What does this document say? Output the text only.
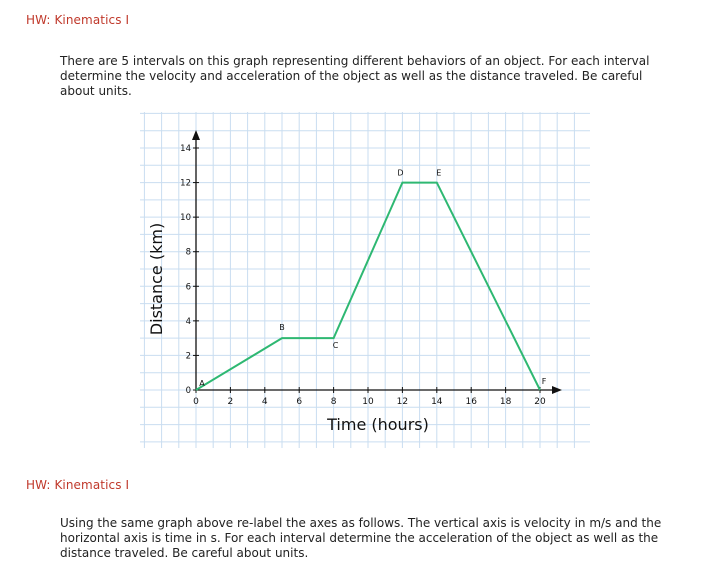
HW: Kinematics I
There are 5 intervals on this graph representing different behaviors of an object. For each interval determine the velocity and acceleration of the object as well as the distance traveled. Be careful about units.
0	2	4	6	8	10	12	14	16	18	20
0
2
4
6
8
10
12
14
A
B
C
D	E
F
Time (hours)
Distance (km)
HW: Kinematics I
Using the same graph above re-label the axes as follows. The vertical axis is velocity in m/s and the horizontal axis is time in s. For each interval determine the acceleration of the object as well as the distance traveled. Be careful about units.
